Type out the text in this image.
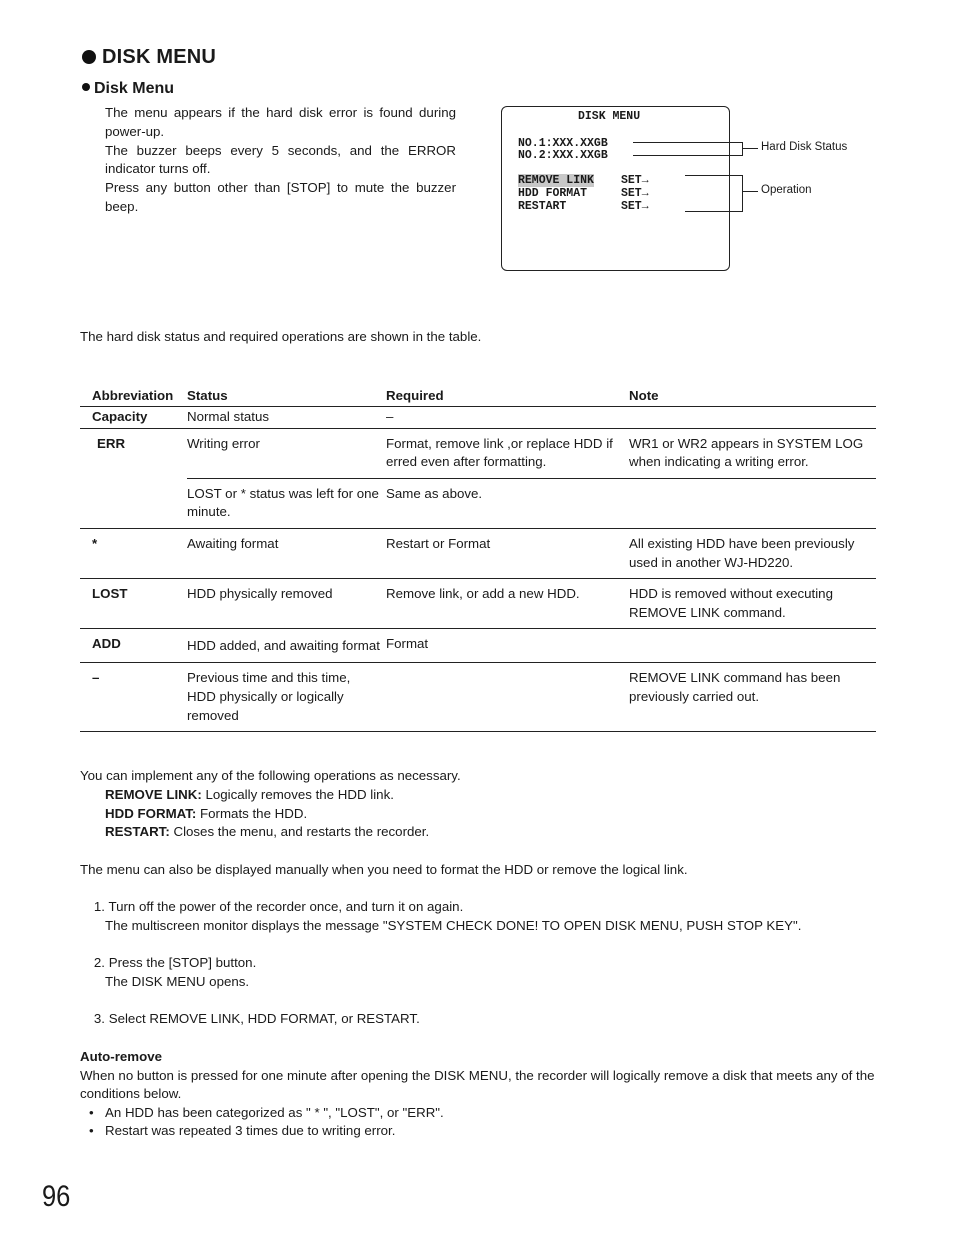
DISK MENU
Disk Menu

The menu appears if the hard disk error is found during power-up.

The buzzer beeps every 5 seconds, and the ERROR indicator turns off.

Press any button other than [STOP] to mute the buzzer beep.

DISK MENU
NO.1:XXX.XXGB
NO.2:XXX.XXGB
REMOVE LINK SET→
HDD FORMAT	SET→
RESTART	SET→
Hard Disk Status
Operation
The hard disk status and required operations are shown in the table.
Abbreviation	Status	Required	Note
Capacity	Normal status	–	
ERR	Writing error	Format, remove link ,or replace HDD if erred even after formatting.	WR1 or WR2 appears in SYSTEM LOG when indicating a writing error.
	LOST or * status was left for one minute.	Same as above.	
*	Awaiting format	Restart or Format	All existing HDD have been previously used in another WJ-HD220.
LOST	HDD physically removed	Remove link, or add a new HDD.	HDD is removed without executing REMOVE LINK command.
ADD	HDD added, and awaiting format	Format	
–	Previous time and this time, HDD physically or logically removed		REMOVE LINK command has been previously carried out.
You can implement any of the following operations as necessary.
REMOVE LINK: Logically removes the HDD link.
HDD FORMAT: Formats the HDD.
RESTART: Closes the menu, and restarts the recorder.
The menu can also be displayed manually when you need to format the HDD or remove the logical link.
1. Turn off the power of the recorder once, and turn it on again.
The multiscreen monitor displays the message "SYSTEM CHECK DONE! TO OPEN DISK MENU, PUSH STOP KEY".
2. Press the [STOP] button.
The DISK MENU opens.
3. Select REMOVE LINK, HDD FORMAT, or RESTART.
Auto-remove
When no button is pressed for one minute after opening the DISK MENU, the recorder will logically remove a disk that meets any of the conditions below.
• An HDD has been categorized as " * ", "LOST", or "ERR".
• Restart was repeated 3 times due to writing error.
96
